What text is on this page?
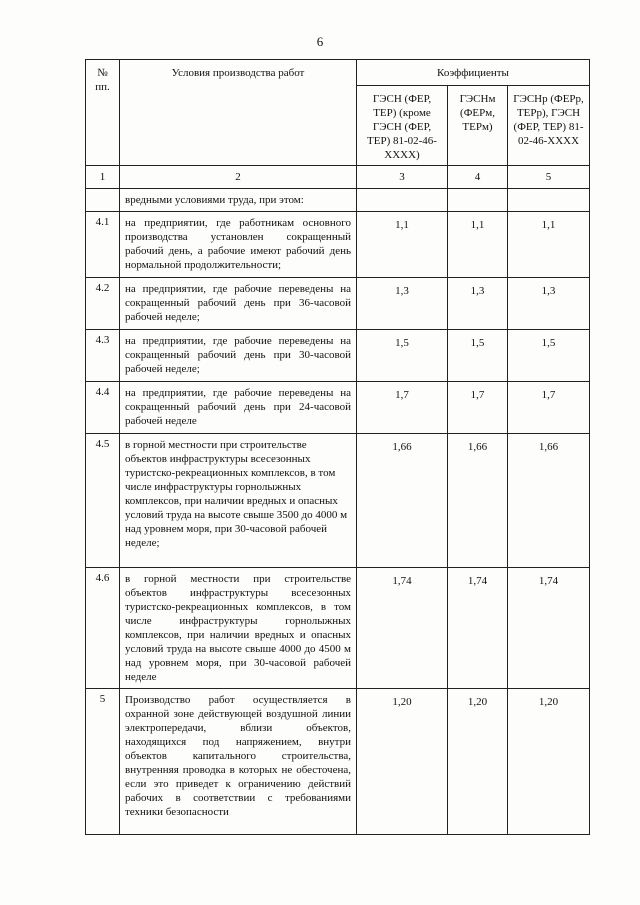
6
№ пп.	Условия производства работ	Коэффициенты		
		ГЭСН (ФЕР, ТЕР) (кроме ГЭСН (ФЕР, ТЕР) 81-02-46-XXXX)	ГЭСНм (ФЕРм, ТЕРм)	ГЭСНр (ФЕРр, ТЕРр), ГЭСН (ФЕР, ТЕР) 81-02-46-XXXX
1	2	3	4	5
	вредными условиями труда, при этом:			
4.1	на предприятии, где работникам основного производства установлен сокращенный рабочий день, а рабочие имеют рабочий день нормальной продолжительности;	1,1	1,1	1,1
4.2	на предприятии, где рабочие переведены на сокращенный рабочий день при 36-часовой рабочей неделе;	1,3	1,3	1,3
4.3	на предприятии, где рабочие переведены на сокращенный рабочий день при 30-часовой рабочей неделе;	1,5	1,5	1,5
4.4	на предприятии, где рабочие переведены на сокращенный рабочий день при 24-часовой рабочей неделе	1,7	1,7	1,7
4.5	в горной местности при строительстве объектов инфраструктуры всесезонных туристско-рекреационных комплексов, в том числе инфраструктуры горнолыжных комплексов, при наличии вредных и опасных условий труда на высоте свыше 3500 до 4000 м над уровнем моря, при 30-часовой рабочей неделе;	1,66	1,66	1,66
4.6	в горной местности при строительстве объектов инфраструктуры всесезонных туристско-рекреационных комплексов, в том числе инфраструктуры горнолыжных комплексов, при наличии вредных и опасных условий труда на высоте свыше 4000 до 4500 м над уровнем моря, при 30-часовой рабочей неделе	1,74	1,74	1,74
5	Производство работ осуществляется в охранной зоне действующей воздушной линии электропередачи, вблизи объектов, находящихся под напряжением, внутри объектов капитального строительства, внутренняя проводка в которых не обесточена, если это приведет к ограничению действий рабочих в соответствии с требованиями техники безопасности	1,20	1,20	1,20
